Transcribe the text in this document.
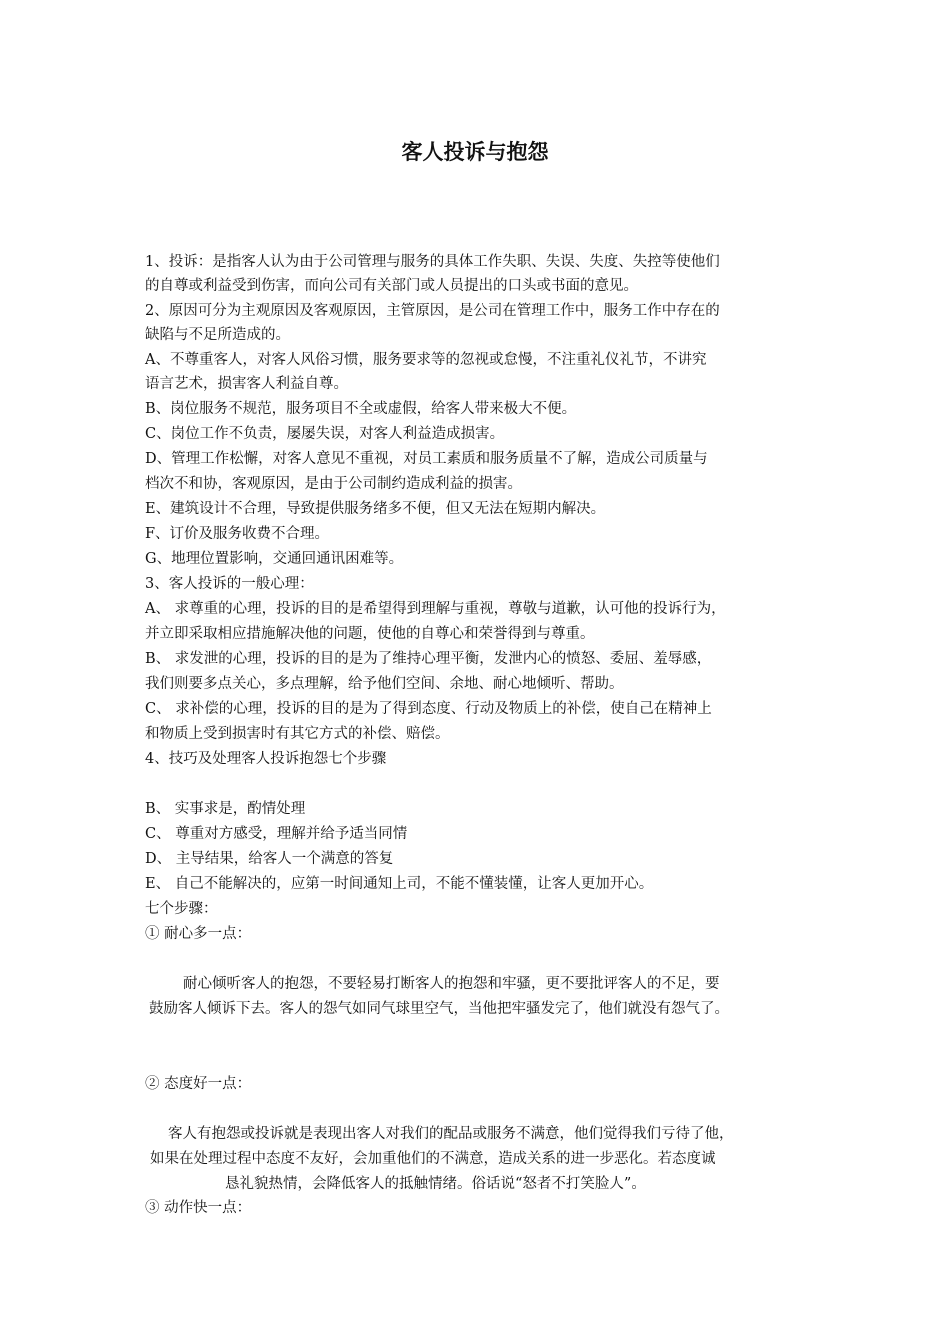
客人投诉与抱怨

1、投诉：是指客人认为由于公司管理与服务的具体工作失职、失误、失度、失控等使他们

的自尊或利益受到伤害，而向公司有关部门或人员提出的口头或书面的意见。

2、原因可分为主观原因及客观原因，主管原因，是公司在管理工作中，服务工作中存在的

缺陷与不足所造成的。

A、不尊重客人，对客人风俗习惯，服务要求等的忽视或怠慢，不注重礼仪礼节，不讲究

语言艺术，损害客人利益自尊。

B、岗位服务不规范，服务项目不全或虚假，给客人带来极大不便。

C、岗位工作不负责，屡屡失误，对客人利益造成损害。

D、管理工作松懈，对客人意见不重视，对员工素质和服务质量不了解，造成公司质量与

档次不和协，客观原因，是由于公司制约造成利益的损害。

E、建筑设计不合理，导致提供服务绪多不便，但又无法在短期内解决。

F、订价及服务收费不合理。

G、地理位置影响，交通回通讯困难等。

3、客人投诉的一般心理：

A、 求尊重的心理，投诉的目的是希望得到理解与重视，尊敬与道歉，认可他的投诉行为，

并立即采取相应措施解决他的问题，使他的自尊心和荣誉得到与尊重。

B、 求发泄的心理，投诉的目的是为了维持心理平衡，发泄内心的愤怒、委屈、羞辱感，

我们则要多点关心，多点理解，给予他们空间、余地、耐心地倾听、帮助。

C、 求补偿的心理，投诉的目的是为了得到态度、行动及物质上的补偿，使自己在精神上

和物质上受到损害时有其它方式的补偿、赔偿。

4、技巧及处理客人投诉抱怨七个步骤

B、 实事求是，酌情处理

C、 尊重对方感受，理解并给予适当同情

D、 主导结果，给客人一个满意的答复

E、 自己不能解决的，应第一时间通知上司，不能不懂装懂，让客人更加开心。

七个步骤：

① 耐心多一点：

耐心倾听客人的抱怨，不要轻易打断客人的抱怨和牢骚，更不要批评客人的不足，要

鼓励客人倾诉下去。客人的怨气如同气球里空气，当他把牢骚发完了，他们就没有怨气了。

② 态度好一点：

客人有抱怨或投诉就是表现出客人对我们的配品或服务不满意，他们觉得我们亏待了他，

如果在处理过程中态度不友好，会加重他们的不满意，造成关系的进一步恶化。若态度诚

恳礼貌热情，会降低客人的抵触情绪。俗话说“怒者不打笑脸人”。

③ 动作快一点：
